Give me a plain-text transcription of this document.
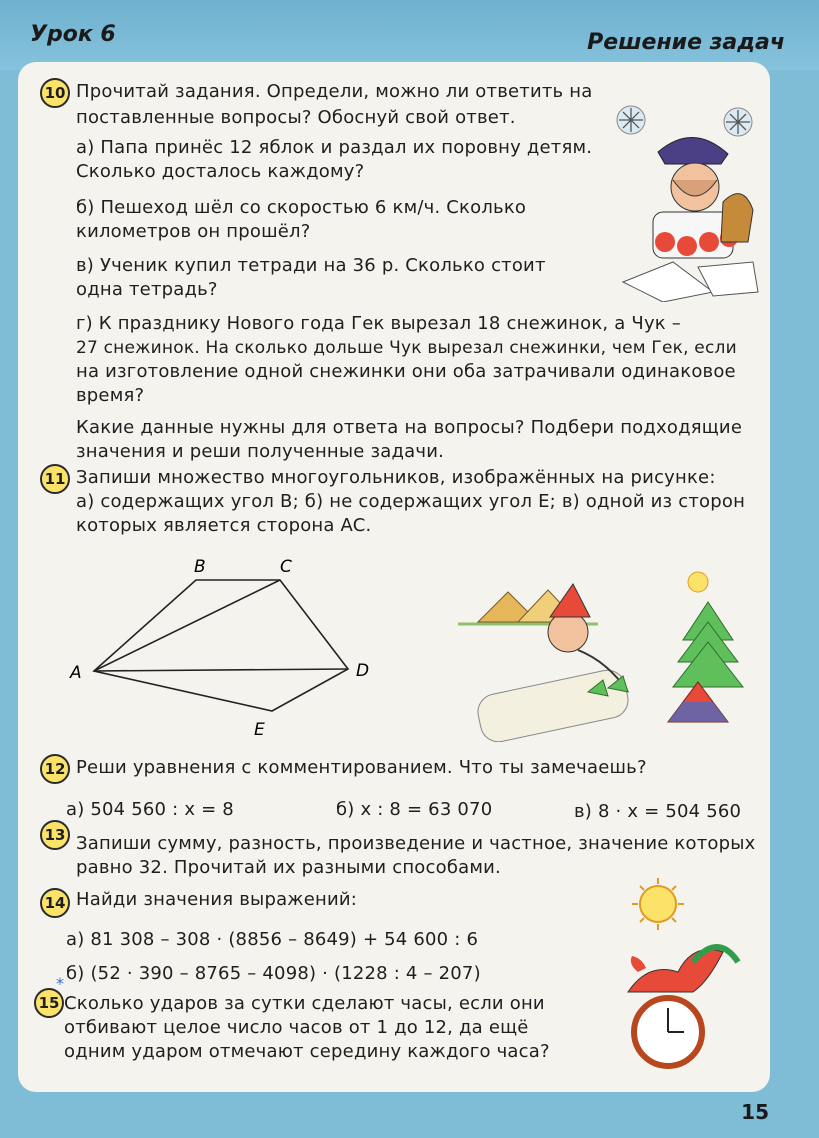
Урок 6	Решение задач
10 Прочитай задания. Определи, можно ли ответить на
поставленные вопросы? Обоснуй свой ответ.
а) Папа принёс 12 яблок и раздал их поровну детям.
Сколько досталось каждому?
б) Пешеход шёл со скоростью 6 км/ч. Сколько
километров он прошёл?
в) Ученик купил тетради на 36 р. Сколько стоит
одна тетрадь?
г) К празднику Нового года Гек вырезал 18 снежинок, а Чук –
27 снежинок. На сколько дольше Чук вырезал снежинки, чем Гек, если
на изготовление одной снежинки они оба затрачивали одинаковое
время?
Какие данные нужны для ответа на вопросы? Подбери подходящие
значения и реши полученные задачи.
11 Запиши множество многоугольников, изображённых на рисунке:
а) содержащих угол B; б) не содержащих угол E; в) одной из сторон
которых является сторона AC.
A
B	C
D
E
12 Реши уравнения с комментированием. Что ты замечаешь?
а) 504 560 : x = 8	б) x : 8 = 63 070	в) 8 · x = 504 560
13 Запиши сумму, разность, произведение и частное, значение которых
равно 32. Прочитай их разными способами.
14 Найди значения выражений:
а) 81 308 – 308 · (8856 – 8649) + 54 600 : 6
б) (52 · 390 – 8765 – 4098) · (1228 : 4 – 207)
15
*
Сколько ударов за сутки сделают часы, если они
отбивают целое число часов от 1 до 12, да ещё
одним ударом отмечают середину каждого часа?
15
